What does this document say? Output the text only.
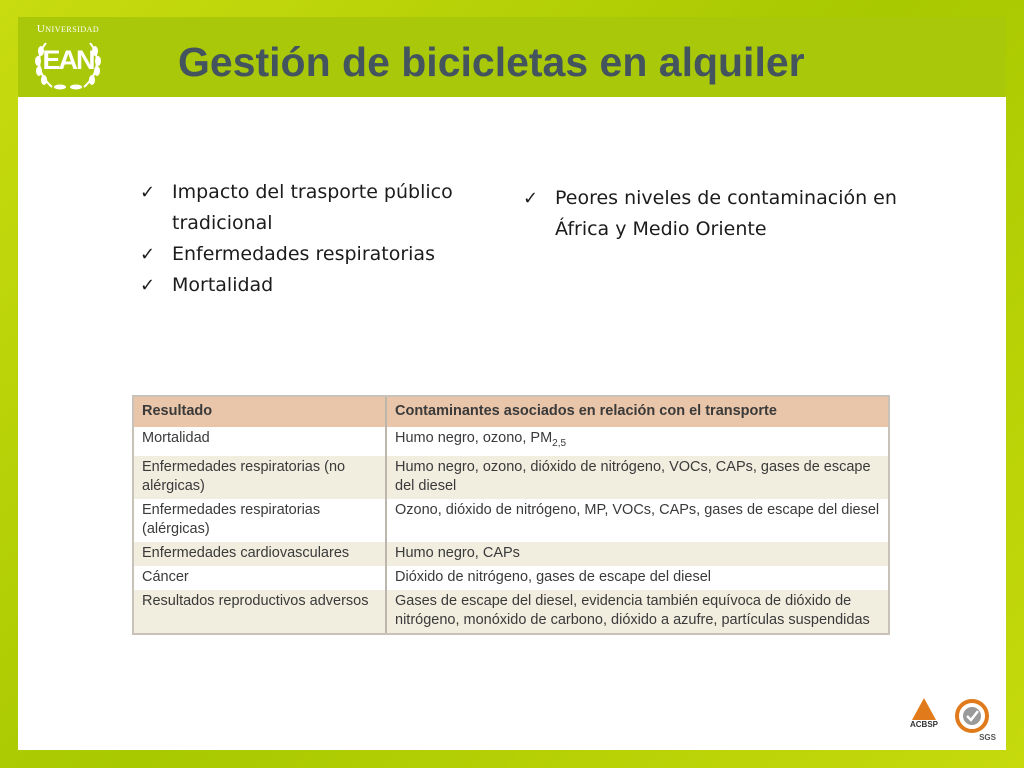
Universidad
EAN	Gestión de bicicletas en alquiler
✓ Impacto del trasporte público tradicional
✓ Enfermedades respiratorias
✓ Mortalidad
✓ Peores niveles de contaminación en África y Medio Oriente
Resultado	Contaminantes asociados en relación con el transporte
Mortalidad	Humo negro, ozono, $PM_{2,5}$
Enfermedades respiratorias (no alérgicas)	Humo negro, ozono, dióxido de nitrógeno, VOCs, CAPs, gases de escape del diesel
Enfermedades respiratorias (alérgicas)	Ozono, dióxido de nitrógeno, MP, VOCs, CAPs, gases de escape del diesel
Enfermedades cardiovasculares	Humo negro, CAPs
Cáncer	Dióxido de nitrógeno, gases de escape del diesel
Resultados reproductivos adversos	Gases de escape del diesel, evidencia también equívoca de dióxido de nitrógeno, monóxido de carbono, dióxido a azufre, partículas suspendidas
ACBSP
SGS
